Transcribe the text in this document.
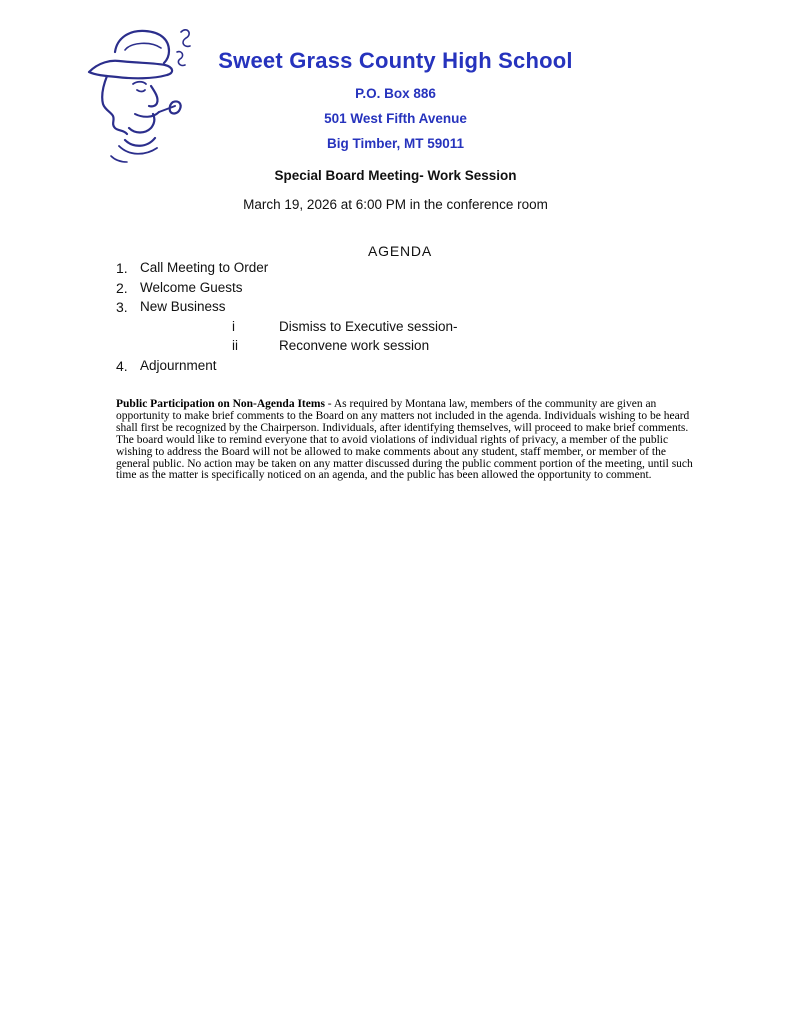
Sweet Grass County High School
P.O. Box 886
501 West Fifth Avenue
Big Timber, MT 59011
Special Board Meeting- Work Session
March 19, 2026 at 6:00 PM in the conference room
AGENDA
1. Call Meeting to Order
2. Welcome Guests
3. New Business
i	Dismiss to Executive session-
ii	Reconvene work session
4. Adjournment
Public Participation on Non-Agenda Items - As required by Montana law, members of the community are given an opportunity to make brief comments to the Board on any matters not included in the agenda. Individuals wishing to be heard shall first be recognized by the Chairperson. Individuals, after identifying themselves, will proceed to make brief comments. The board would like to remind everyone that to avoid violations of individual rights of privacy, a member of the public wishing to address the Board will not be allowed to make comments about any student, staff member, or member of the general public. No action may be taken on any matter discussed during the public comment portion of the meeting, until such time as the matter is specifically noticed on an agenda, and the public has been allowed the opportunity to comment.
